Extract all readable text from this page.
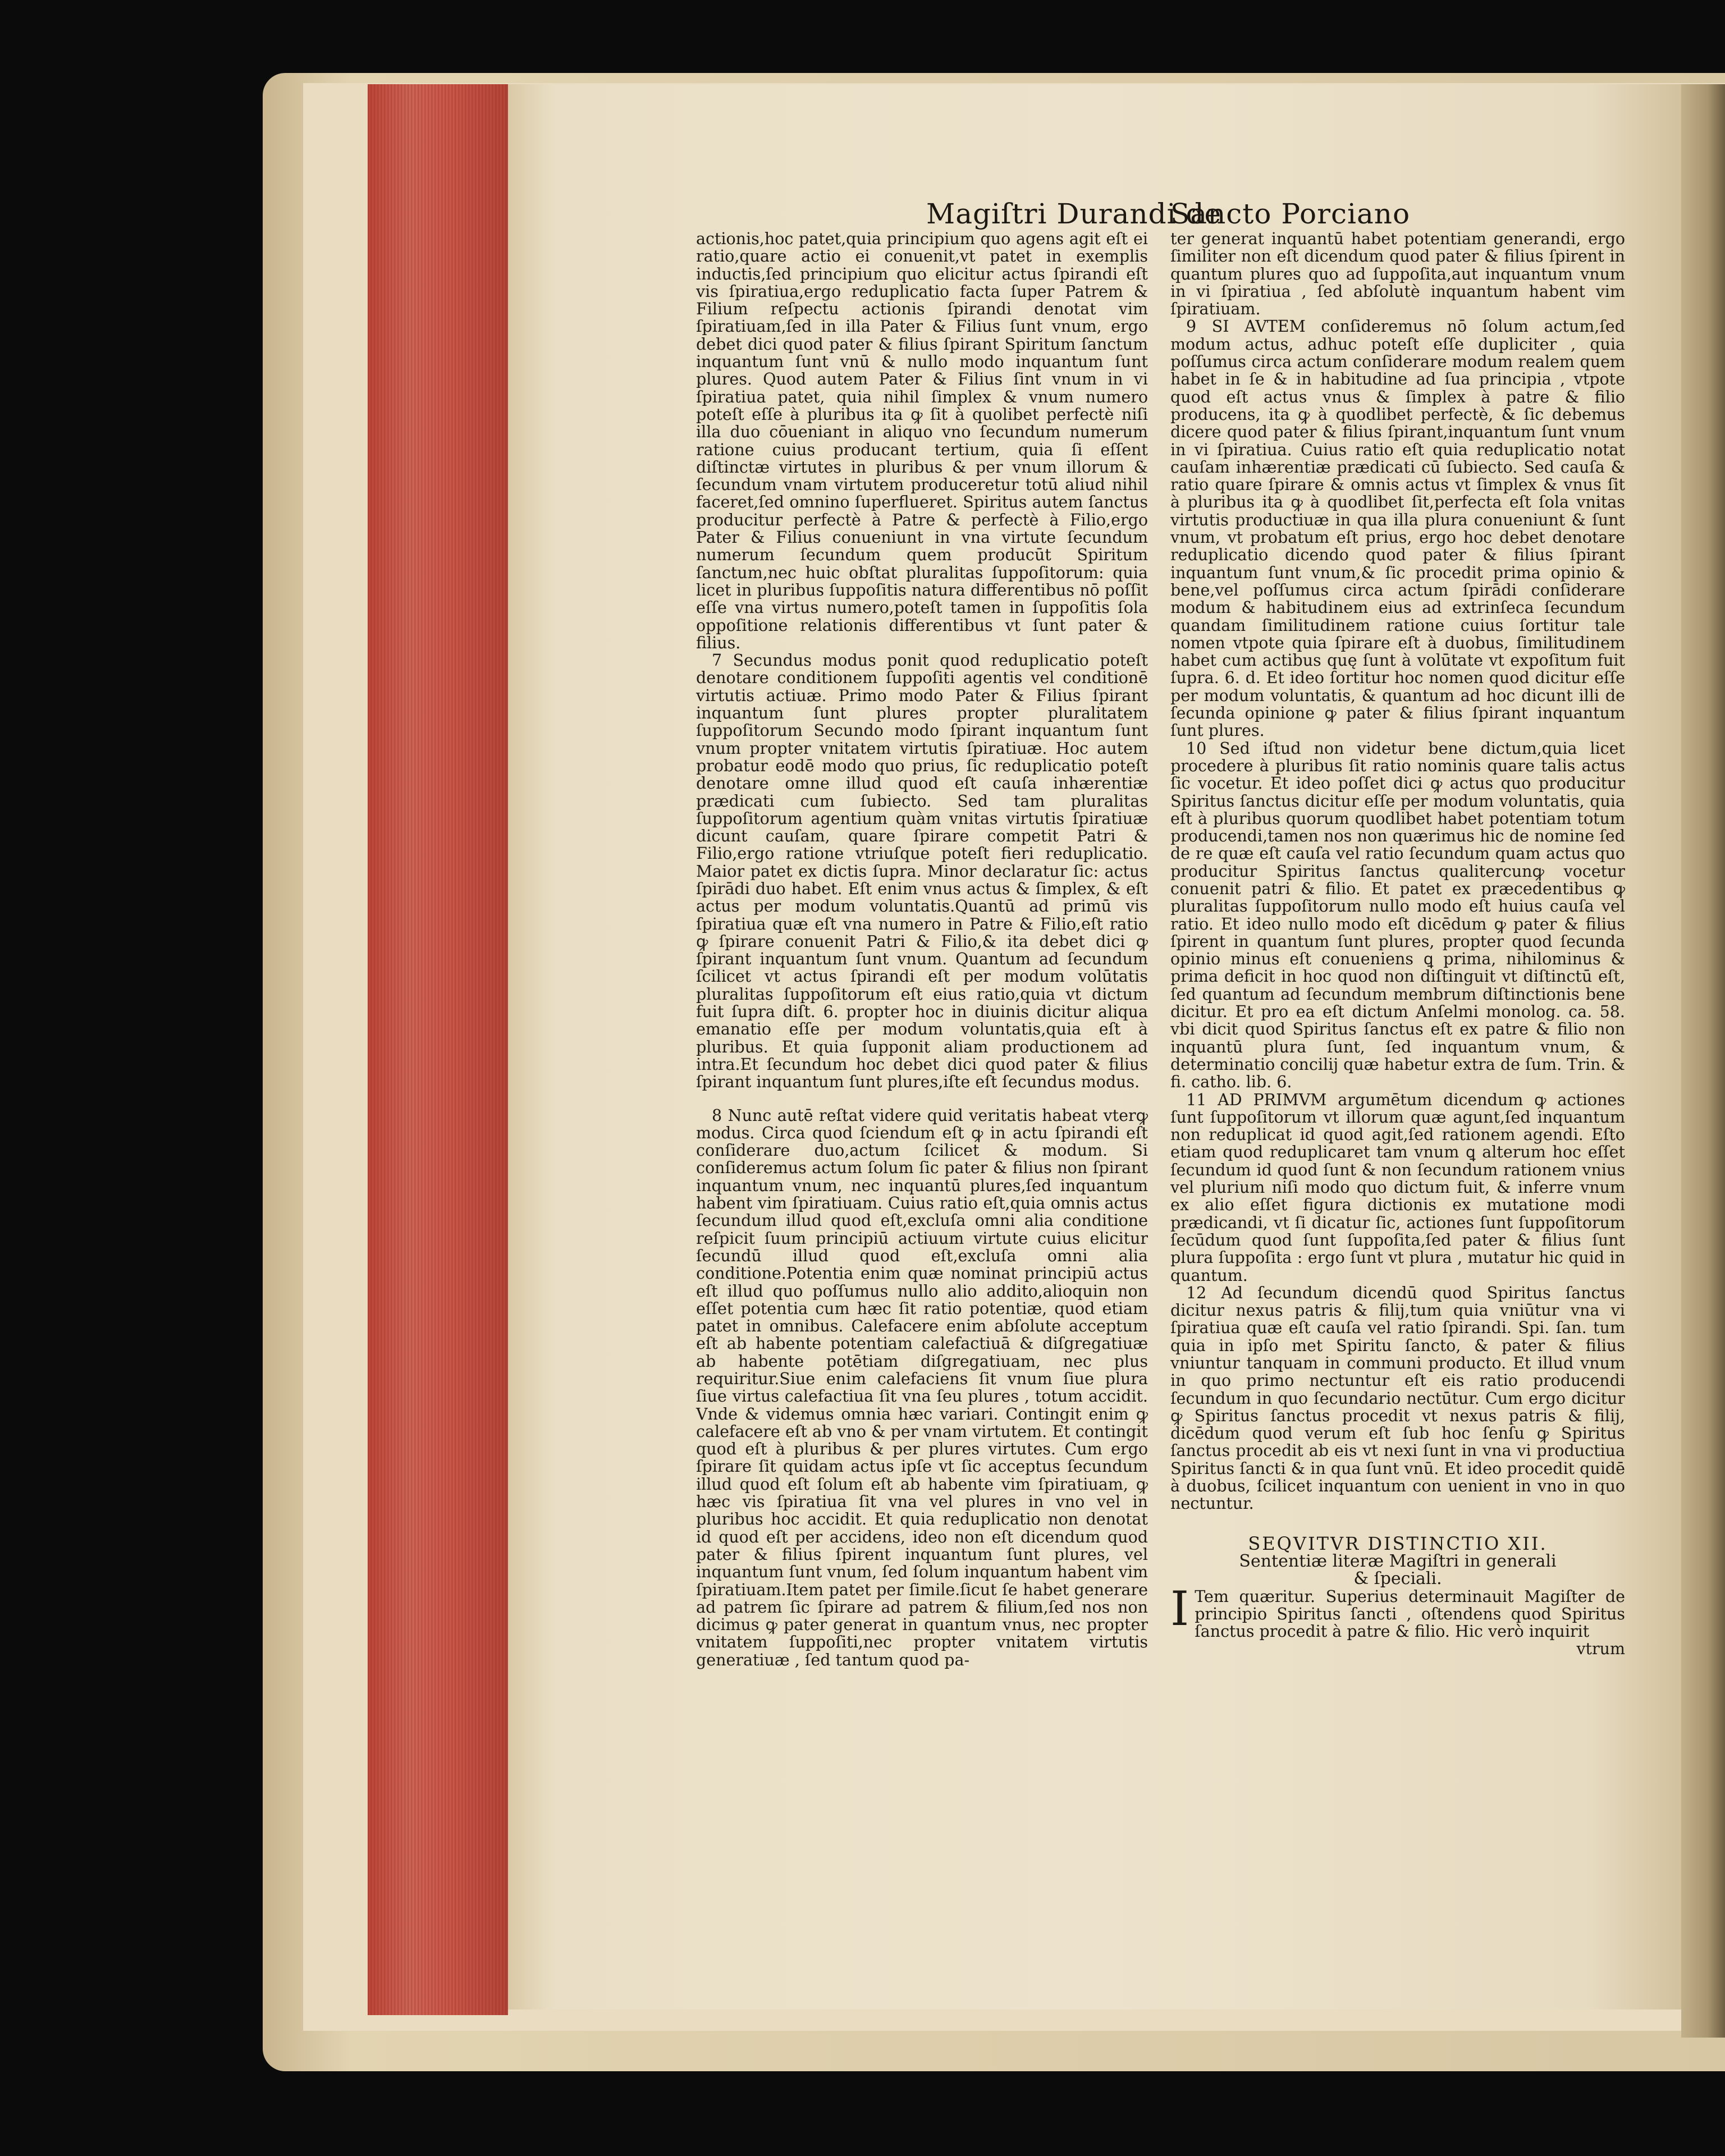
Magiſtri Durandi de
Sancto Porciano

actionis,hoc patet,quia principium quo agens agit eſt ei ratio,quare actio ei conuenit,vt patet in exemplis inductis,ſed principium quo elicitur actus ſpirandi eſt vis ſpiratiua,ergo reduplicatio facta ſuper Patrem & Filium reſpectu actionis ſpirandi denotat vim ſpiratiuam,ſed in illa Pater & Filius ſunt vnum, ergo debet dici quod pater & filius ſpirant Spiritum ſanctum inquantum ſunt vnū & nullo modo inquantum ſunt plures. Quod autem Pater & Filius ſint vnum in vi ſpiratiua patet, quia nihil ſimplex & vnum numero poteſt eſſe à pluribus ita ꝙ ſit à quolibet perfectè niſi illa duo cōueniant in aliquo vno ſecundum numerum ratione cuius producant tertium, quia ſi eſſent diſtinctæ virtutes in pluribus & per vnum illorum & ſecundum vnam virtutem produceretur totū aliud nihil faceret,ſed omnino ſuperflueret. Spiritus autem ſanctus producitur perfectè à Patre & perfectè à Filio,ergo Pater & Filius conueniunt in vna virtute ſecundum numerum ſecundum quem producūt Spiritum ſanctum,nec huic obſtat pluralitas ſuppoſitorum: quia licet in pluribus ſuppoſitis natura differentibus nō poſſit eſſe vna virtus numero,poteſt tamen in ſuppoſitis ſola oppoſitione relationis differentibus vt ſunt pater & filius.

7 Secundus modus ponit quod reduplicatio poteſt denotare conditionem ſuppoſiti agentis vel conditionē virtutis actiuæ. Primo modo Pater & Filius ſpirant inquantum ſunt plures propter pluralitatem ſuppoſitorum Secundo modo ſpirant inquantum ſunt vnum propter vnitatem virtutis ſpiratiuæ. Hoc autem probatur eodē modo quo prius, ſic reduplicatio poteſt denotare omne illud quod eſt cauſa inhærentiæ prædicati cum ſubiecto. Sed tam pluralitas ſuppoſitorum agentium quàm vnitas virtutis ſpiratiuæ dicunt cauſam, quare ſpirare competit Patri & Filio,ergo ratione vtriuſque poteſt fieri reduplicatio. Maior patet ex dictis ſupra. Minor declaratur ſic: actus ſpirādi duo habet. Eſt enim vnus actus & ſimplex, & eſt actus per modum voluntatis.Quantū ad primū vis ſpiratiua quæ eſt vna numero in Patre & Filio,eſt ratio ꝙ ſpirare conuenit Patri & Filio,& ita debet dici ꝙ ſpirant inquantum ſunt vnum. Quantum ad ſecundum ſcilicet vt actus ſpirandi eſt per modum volūtatis pluralitas ſuppoſitorum eſt eius ratio,quia vt dictum fuit ſupra diſt. 6. propter hoc in diuinis dicitur aliqua emanatio eſſe per modum voluntatis,quia eſt à pluribus. Et quia ſupponit aliam productionem ad intra.Et ſecundum hoc debet dici quod pater & filius ſpirant inquantum ſunt plures,iſte eſt ſecundus modus.

8 Nunc autē reſtat videre quid veritatis habeat vterꝙ modus. Circa quod ſciendum eſt ꝙ in actu ſpirandi eſt conſiderare duo,actum ſcilicet & modum. Si conſideremus actum ſolum ſic pater & filius non ſpirant inquantum vnum, nec inquantū plures,ſed inquantum habent vim ſpiratiuam. Cuius ratio eſt,quia omnis actus ſecundum illud quod eſt,excluſa omni alia conditione reſpicit ſuum principiū actiuum virtute cuius elicitur ſecundū illud quod eſt,excluſa omni alia conditione.Potentia enim quæ nominat principiū actus eſt illud quo poſſumus nullo alio addito,alioquin non eſſet potentia cum hæc ſit ratio potentiæ, quod etiam patet in omnibus. Calefacere enim abſolute acceptum eſt ab habente potentiam calefactiuā & diſgregatiuæ ab habente potētiam diſgregatiuam, nec plus requiritur.Siue enim calefaciens ſit vnum ſiue plura ſiue virtus calefactiua ſit vna ſeu plures , totum accidit. Vnde & videmus omnia hæc variari. Contingit enim ꝙ calefacere eſt ab vno & per vnam virtutem. Et contingit quod eſt à pluribus & per plures virtutes. Cum ergo ſpirare ſit quidam actus ipſe vt ſic acceptus ſecundum illud quod eſt ſolum eſt ab habente vim ſpiratiuam, ꝙ hæc vis ſpiratiua ſit vna vel plures in vno vel in pluribus hoc accidit. Et quia reduplicatio non denotat id quod eſt per accidens, ideo non eſt dicendum quod pater & filius ſpirent inquantum ſunt plures, vel inquantum ſunt vnum, ſed ſolum inquantum habent vim ſpiratiuam.Item patet per ſimile.ſicut ſe habet generare ad patrem ſic ſpirare ad patrem & filium,ſed nos non dicimus ꝙ pater generat in quantum vnus, nec propter vnitatem ſuppoſiti,nec propter vnitatem virtutis generatiuæ , ſed tantum quod pa-

ter generat inquantū habet potentiam generandi, ergo ſimiliter non eſt dicendum quod pater & filius ſpirent in quantum plures quo ad ſuppoſita,aut inquantum vnum in vi ſpiratiua , ſed abſolutè inquantum habent vim ſpiratiuam.

9 SI AVTEM conſideremus nō ſolum actum,ſed modum actus, adhuc poteſt eſſe dupliciter , quia poſſumus circa actum conſiderare modum realem quem habet in ſe & in habitudine ad ſua principia , vtpote quod eſt actus vnus & ſimplex à patre & filio producens, ita ꝙ à quodlibet perfectè, & ſic debemus dicere quod pater & filius ſpirant,inquantum ſunt vnum in vi ſpiratiua. Cuius ratio eſt quia reduplicatio notat cauſam inhærentiæ prædicati cū ſubiecto. Sed cauſa & ratio quare ſpirare & omnis actus vt ſimplex & vnus ſit à pluribus ita ꝙ à quodlibet ſit,perfecta eſt ſola vnitas virtutis productiuæ in qua illa plura conueniunt & ſunt vnum, vt probatum eſt prius, ergo hoc debet denotare reduplicatio dicendo quod pater & filius ſpirant inquantum ſunt vnum,& ſic procedit prima opinio & bene,vel poſſumus circa actum ſpirādi conſiderare modum & habitudinem eius ad extrinſeca ſecundum quandam ſimilitudinem ratione cuius ſortitur tale nomen vtpote quia ſpirare eſt à duobus, ſimilitudinem habet cum actibus quę ſunt à volūtate vt expoſitum fuit ſupra. 6. d. Et ideo ſortitur hoc nomen quod dicitur eſſe per modum voluntatis, & quantum ad hoc dicunt illi de ſecunda opinione ꝙ pater & filius ſpirant inquantum ſunt plures.

10 Sed iſtud non videtur bene dictum,quia licet procedere à pluribus ſit ratio nominis quare talis actus ſic vocetur. Et ideo poſſet dici ꝙ actus quo producitur Spiritus ſanctus dicitur eſſe per modum voluntatis, quia eſt à pluribus quorum quodlibet habet potentiam totum producendi,tamen nos non quærimus hic de nomine ſed de re quæ eſt cauſa vel ratio ſecundum quam actus quo producitur Spiritus ſanctus qualitercunꝙ vocetur conuenit patri & filio. Et patet ex præcedentibus ꝙ pluralitas ſuppoſitorum nullo modo eſt huius cauſa vel ratio. Et ideo nullo modo eſt dicēdum ꝙ pater & filius ſpirent in quantum ſunt plures, propter quod ſecunda opinio minus eſt conueniens ꝗ prima, nihilominus & prima deficit in hoc quod non diſtinguit vt diſtinctū eſt, ſed quantum ad ſecundum membrum diſtinctionis bene dicitur. Et pro ea eſt dictum Anſelmi monolog. ca. 58. vbi dicit quod Spiritus ſanctus eſt ex patre & filio non inquantū plura ſunt, ſed inquantum vnum, & determinatio concilij quæ habetur extra de ſum. Trin. & fi. catho. lib. 6.

11 AD PRIMVM argumētum dicendum ꝙ actiones ſunt ſuppoſitorum vt illorum quæ agunt,ſed inquantum non reduplicat id quod agit,ſed rationem agendi. Eſto etiam quod reduplicaret tam vnum ꝗ alterum hoc eſſet ſecundum id quod ſunt & non ſecundum rationem vnius vel plurium niſi modo quo dictum fuit, & inferre vnum ex alio eſſet figura dictionis ex mutatione modi prædicandi, vt ſi dicatur ſic, actiones ſunt ſuppoſitorum ſecūdum quod ſunt ſuppoſita,ſed pater & filius ſunt plura ſuppoſita : ergo ſunt vt plura , mutatur hic quid in quantum.

12 Ad ſecundum dicendū quod Spiritus ſanctus dicitur nexus patris & filij,tum quia vniūtur vna vi ſpiratiua quæ eſt cauſa vel ratio ſpirandi. Spi. ſan. tum quia in ipſo met Spiritu ſancto, & pater & filius vniuntur tanquam in communi producto. Et illud vnum in quo primo nectuntur eſt eis ratio producendi ſecundum in quo ſecundario nectūtur. Cum ergo dicitur ꝙ Spiritus ſanctus procedit vt nexus patris & filij, dicēdum quod verum eſt ſub hoc ſenſu ꝙ Spiritus ſanctus procedit ab eis vt nexi ſunt in vna vi productiua Spiritus ſancti & in qua ſunt vnū. Et ideo procedit quidē à duobus, ſcilicet inquantum con uenient in vno in quo nectuntur.

SEQVITVR DISTINCTIO XII.
Sententiæ literæ Magiſtri in generali
& ſpeciali.

I Tem quæritur. Superius determinauit Magiſter de principio Spiritus ſancti , oſtendens quod Spiritus ſanctus procedit à patre & filio. Hic verò inquirit

vtrum
